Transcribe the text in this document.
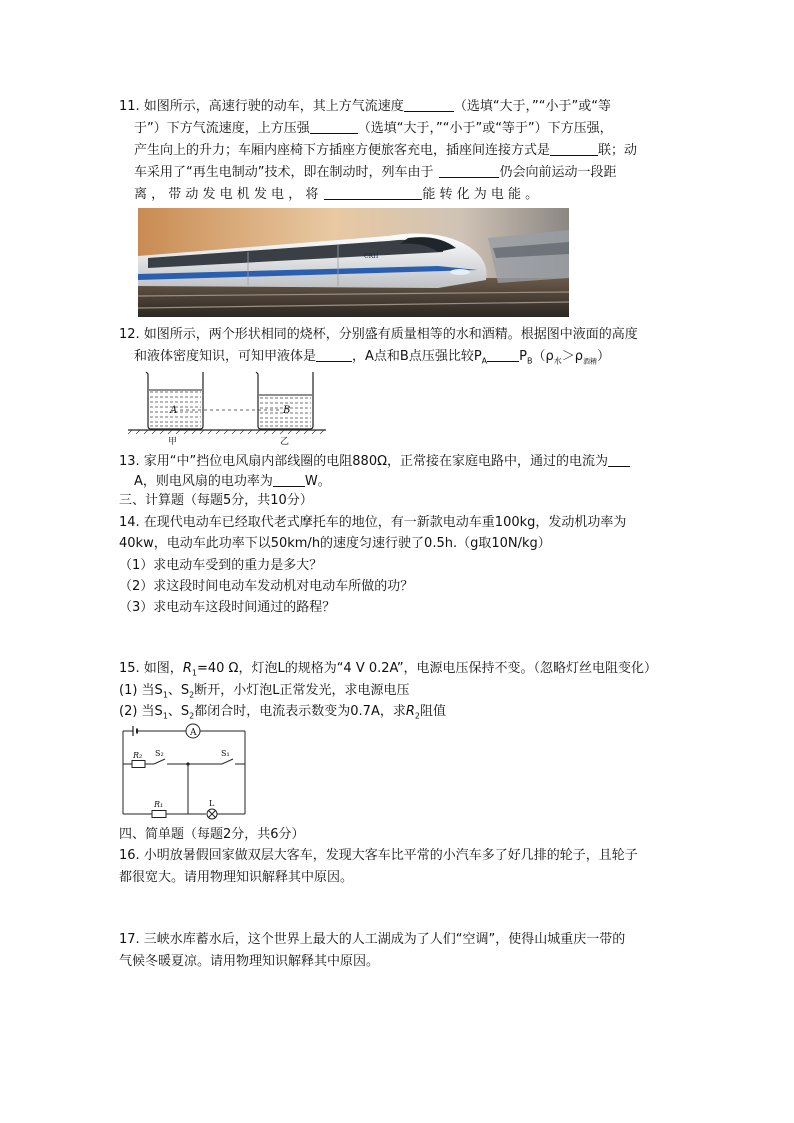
11. 如图所示，高速行驶的动车，其上方气流速度	（选填“大于，”“小于”或“等
于”）下方气流速度，上方压强	（选填“大于，”“小于”或“等于”）下方压强，
产生向上的升力；车厢内座椅下方插座方便旅客充电，插座间连接方式是	联；动
车采用了“再生电制动”技术，即在制动时，列车由于	仍会向前运动一段距
离 ， 带 动 发 电 机 发 电 ， 将	能 转 化 为 电 能 。
CRH
12. 如图所示，两个形状相同的烧杯，分别盛有质量相等的水和酒精。根据图中液面的高度
和液体密度知识，可知甲液体是	，A点和B点压强比较$P_A$ $P_B(\rho_水>\rho_{酒精})$
A	B
甲	乙
13. 家用“中”挡位电风扇内部线圈的电阻880Ω，正常接在家庭电路中，通过的电流为
A，则电风扇的电功率为 W。
三、计算题（每题5分，共10分）
14. 在现代电动车已经取代老式摩托车的地位，有一新款电动车重100kg，发动机功率为
40kw，电动车此功率下以50km/h的速度匀速行驶了0.5h.（g取10N/kg）
（1）求电动车受到的重力是多大？
（2）求这段时间电动车发动机对电动车所做的功？
（3）求电动车这段时间通过的路程？
15. 如图，$R_1=40$ Ω，灯泡L的规格为“4 V 0.2A”，电源电压保持不变。（忽略灯丝电阻变化）
(1) 当$S_1$、$S_2$断开，小灯泡L正常发光，求电源电压
(2) 当$S_1$、$S_2$都闭合时，电流表示数变为0.7A，求$R_2$阻值
A
R₂ S₂	S₁
R₁	L
四、简单题（每题2分，共6分）
16. 小明放暑假回家做双层大客车，发现大客车比平常的小汽车多了好几排的轮子，且轮子
都很宽大。请用物理知识解释其中原因。
17. 三峡水库蓄水后，这个世界上最大的人工湖成为了人们“空调”，使得山城重庆一带的
气候冬暖夏凉。请用物理知识解释其中原因。
